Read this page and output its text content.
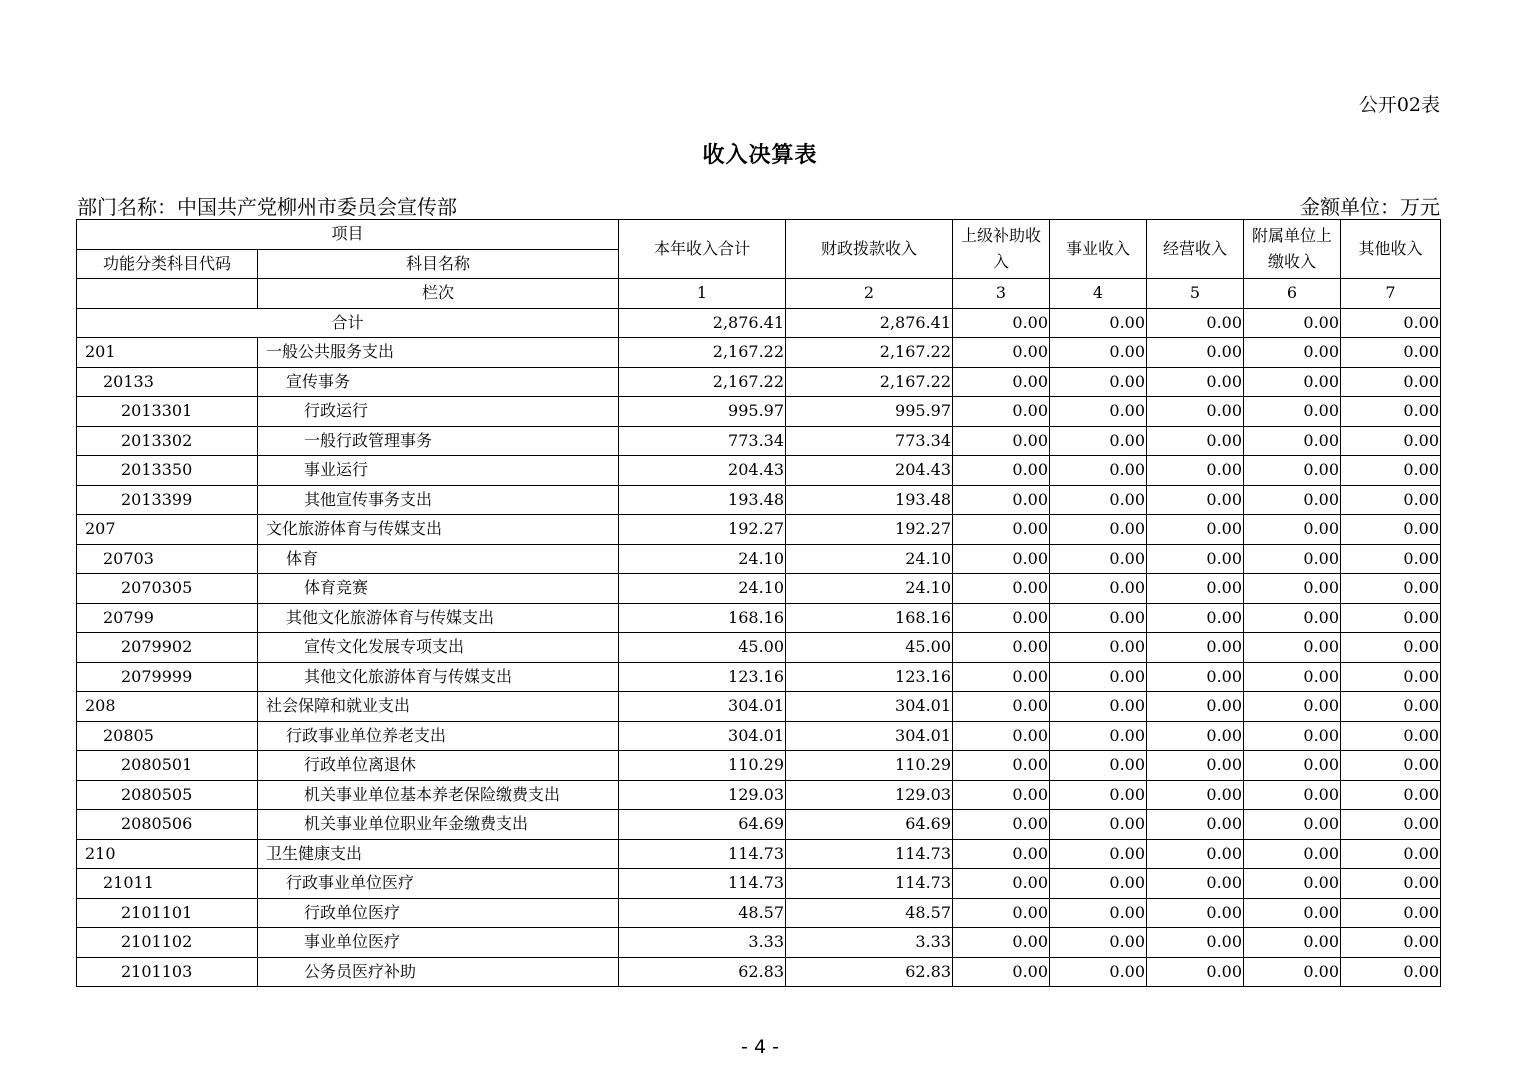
公开02表
收入决算表
部门名称：中国共产党柳州市委员会宣传部	金额单位：万元
项目		本年收入合计	财政拨款收入	上级补助收入	事业收入	经营收入	附属单位上缴收入	其他收入
功能分类科目代码	科目名称							
	栏次	1	2	3	4	5	6	7
合计		2,876.41	2,876.41	0.00	0.00	0.00	0.00	0.00
201	一般公共服务支出	2,167.22	2,167.22	0.00	0.00	0.00	0.00	0.00
20133	宣传事务	2,167.22	2,167.22	0.00	0.00	0.00	0.00	0.00
2013301	行政运行	995.97	995.97	0.00	0.00	0.00	0.00	0.00
2013302	一般行政管理事务	773.34	773.34	0.00	0.00	0.00	0.00	0.00
2013350	事业运行	204.43	204.43	0.00	0.00	0.00	0.00	0.00
2013399	其他宣传事务支出	193.48	193.48	0.00	0.00	0.00	0.00	0.00
207	文化旅游体育与传媒支出	192.27	192.27	0.00	0.00	0.00	0.00	0.00
20703	体育	24.10	24.10	0.00	0.00	0.00	0.00	0.00
2070305	体育竞赛	24.10	24.10	0.00	0.00	0.00	0.00	0.00
20799	其他文化旅游体育与传媒支出	168.16	168.16	0.00	0.00	0.00	0.00	0.00
2079902	宣传文化发展专项支出	45.00	45.00	0.00	0.00	0.00	0.00	0.00
2079999	其他文化旅游体育与传媒支出	123.16	123.16	0.00	0.00	0.00	0.00	0.00
208	社会保障和就业支出	304.01	304.01	0.00	0.00	0.00	0.00	0.00
20805	行政事业单位养老支出	304.01	304.01	0.00	0.00	0.00	0.00	0.00
2080501	行政单位离退休	110.29	110.29	0.00	0.00	0.00	0.00	0.00
2080505	机关事业单位基本养老保险缴费支出	129.03	129.03	0.00	0.00	0.00	0.00	0.00
2080506	机关事业单位职业年金缴费支出	64.69	64.69	0.00	0.00	0.00	0.00	0.00
210	卫生健康支出	114.73	114.73	0.00	0.00	0.00	0.00	0.00
21011	行政事业单位医疗	114.73	114.73	0.00	0.00	0.00	0.00	0.00
2101101	行政单位医疗	48.57	48.57	0.00	0.00	0.00	0.00	0.00
2101102	事业单位医疗	3.33	3.33	0.00	0.00	0.00	0.00	0.00
2101103	公务员医疗补助	62.83	62.83	0.00	0.00	0.00	0.00	0.00
- 4 -
